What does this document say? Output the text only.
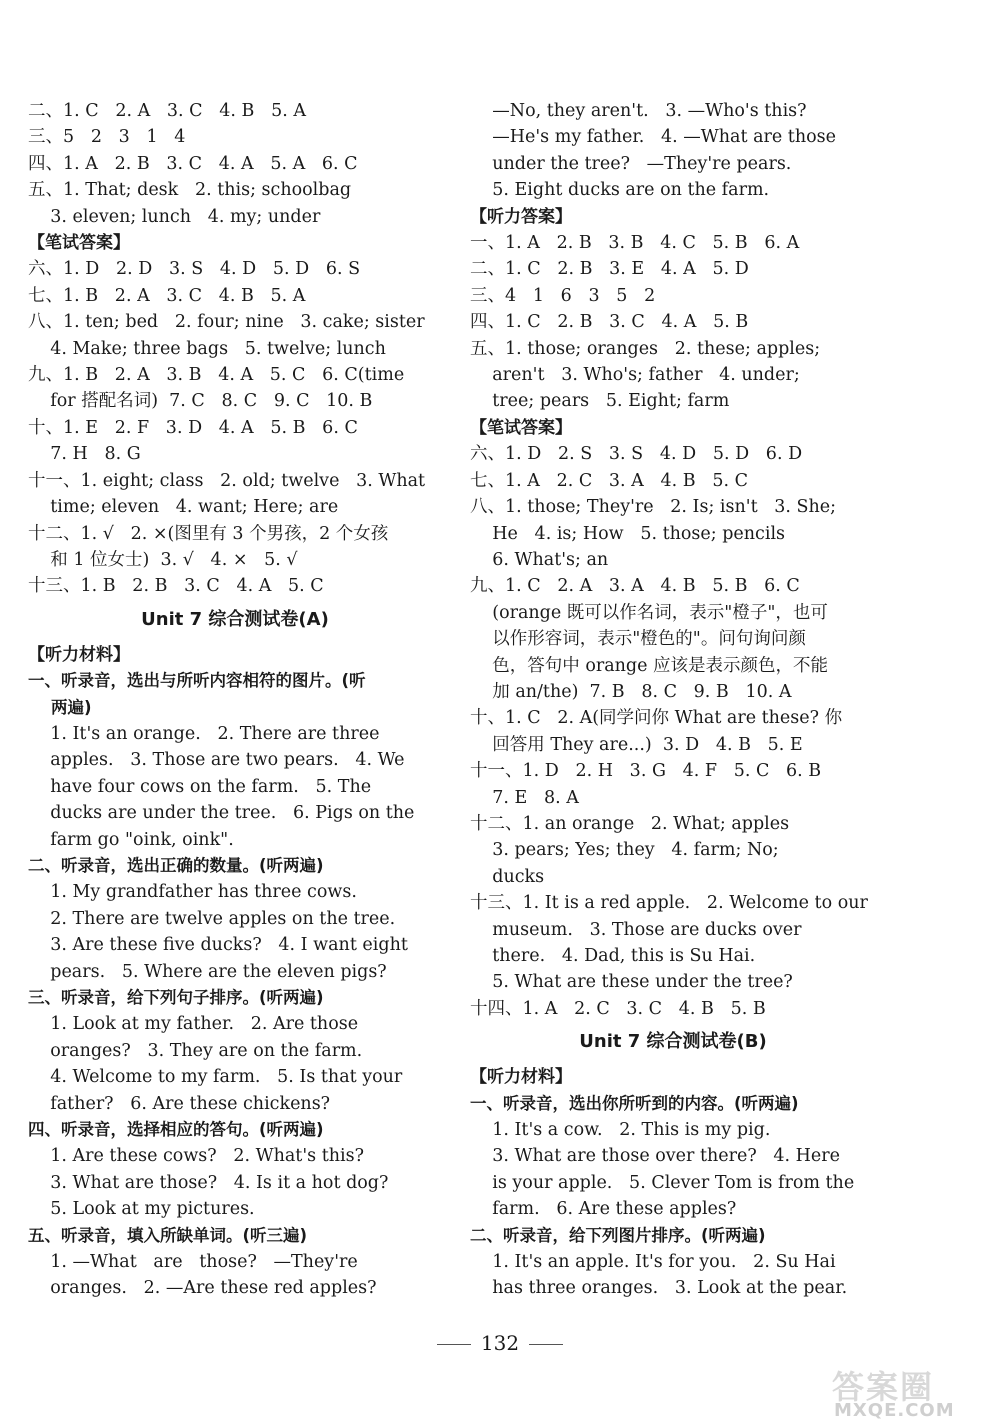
二、1. C   2. A   3. C   4. B   5. A
三、5   2   3   1   4
四、1. A   2. B   3. C   4. A   5. A   6. C
五、1. That; desk   2. this; schoolbag
3. eleven; lunch   4. my; under
【笔试答案】
六、1. D   2. D   3. S   4. D   5. D   6. S
七、1. B   2. A   3. C   4. B   5. A
八、1. ten; bed   2. four; nine   3. cake; sister
4. Make; three bags   5. twelve; lunch
九、1. B   2. A   3. B   4. A   5. C   6. C(time
for 搭配名词)  7. C   8. C   9. C   10. B
十、1. E   2. F   3. D   4. A   5. B   6. C
7. H   8. G
十一、1. eight; class   2. old; twelve   3. What
time; eleven   4. want; Here; are
十二、1. √   2. ×(图里有 3 个男孩，2 个女孩
和 1 位女士)  3. √   4. ×   5. √
十三、1. B   2. B   3. C   4. A   5. C
Unit 7 综合测试卷(A)
【听力材料】
一、听录音，选出与所听内容相符的图片。(听
两遍)
1. It's an orange.   2. There are three
apples.   3. Those are two pears.   4. We
have four cows on the farm.   5. The
ducks are under the tree.   6. Pigs on the
farm go "oink, oink".
二、听录音，选出正确的数量。(听两遍)
1. My grandfather has three cows.
2. There are twelve apples on the tree.
3. Are these five ducks?   4. I want eight
pears.   5. Where are the eleven pigs?
三、听录音，给下列句子排序。(听两遍)
1. Look at my father.   2. Are those
oranges?   3. They are on the farm.
4. Welcome to my farm.   5. Is that your
father?   6. Are these chickens?
四、听录音，选择相应的答句。(听两遍)
1. Are these cows?   2. What's this?
3. What are those?   4. Is it a hot dog?
5. Look at my pictures.
五、听录音，填入所缺单词。(听三遍)
1. —What   are   those?   —They're
oranges.   2. —Are these red apples?
—No, they aren't.   3. —Who's this?
—He's my father.   4. —What are those
under the tree?   —They're pears.
5. Eight ducks are on the farm.
【听力答案】
一、1. A   2. B   3. B   4. C   5. B   6. A
二、1. C   2. B   3. E   4. A   5. D
三、4   1   6   3   5   2
四、1. C   2. B   3. C   4. A   5. B
五、1. those; oranges   2. these; apples;
aren't   3. Who's; father   4. under;
tree; pears   5. Eight; farm
【笔试答案】
六、1. D   2. S   3. S   4. D   5. D   6. D
七、1. A   2. C   3. A   4. B   5. C
八、1. those; They're   2. Is; isn't   3. She;
He   4. is; How   5. those; pencils
6. What's; an
九、1. C   2. A   3. A   4. B   5. B   6. C
(orange 既可以作名词，表示"橙子"，也可
以作形容词，表示"橙色的"。问句询问颜
色，答句中 orange 应该是表示颜色，不能
加 an/the)  7. B   8. C   9. B   10. A
十、1. C   2. A(同学问你 What are these? 你
回答用 They are...)  3. D   4. B   5. E
十一、1. D   2. H   3. G   4. F   5. C   6. B
7. E   8. A
十二、1. an orange   2. What; apples
3. pears; Yes; they   4. farm; No;
ducks
十三、1. It is a red apple.   2. Welcome to our
museum.   3. Those are ducks over
there.   4. Dad, this is Su Hai.
5. What are these under the tree?
十四、1. A   2. C   3. C   4. B   5. B
Unit 7 综合测试卷(B)
【听力材料】
一、听录音，选出你所听到的内容。(听两遍)
1. It's a cow.   2. This is my pig.
3. What are those over there?   4. Here
is your apple.   5. Clever Tom is from the
farm.   6. Are these apples?
二、听录音，给下列图片排序。(听两遍)
1. It's an apple. It's for you.   2. Su Hai
has three oranges.   3. Look at the pear.
132
答案圈
MXQE.COM
